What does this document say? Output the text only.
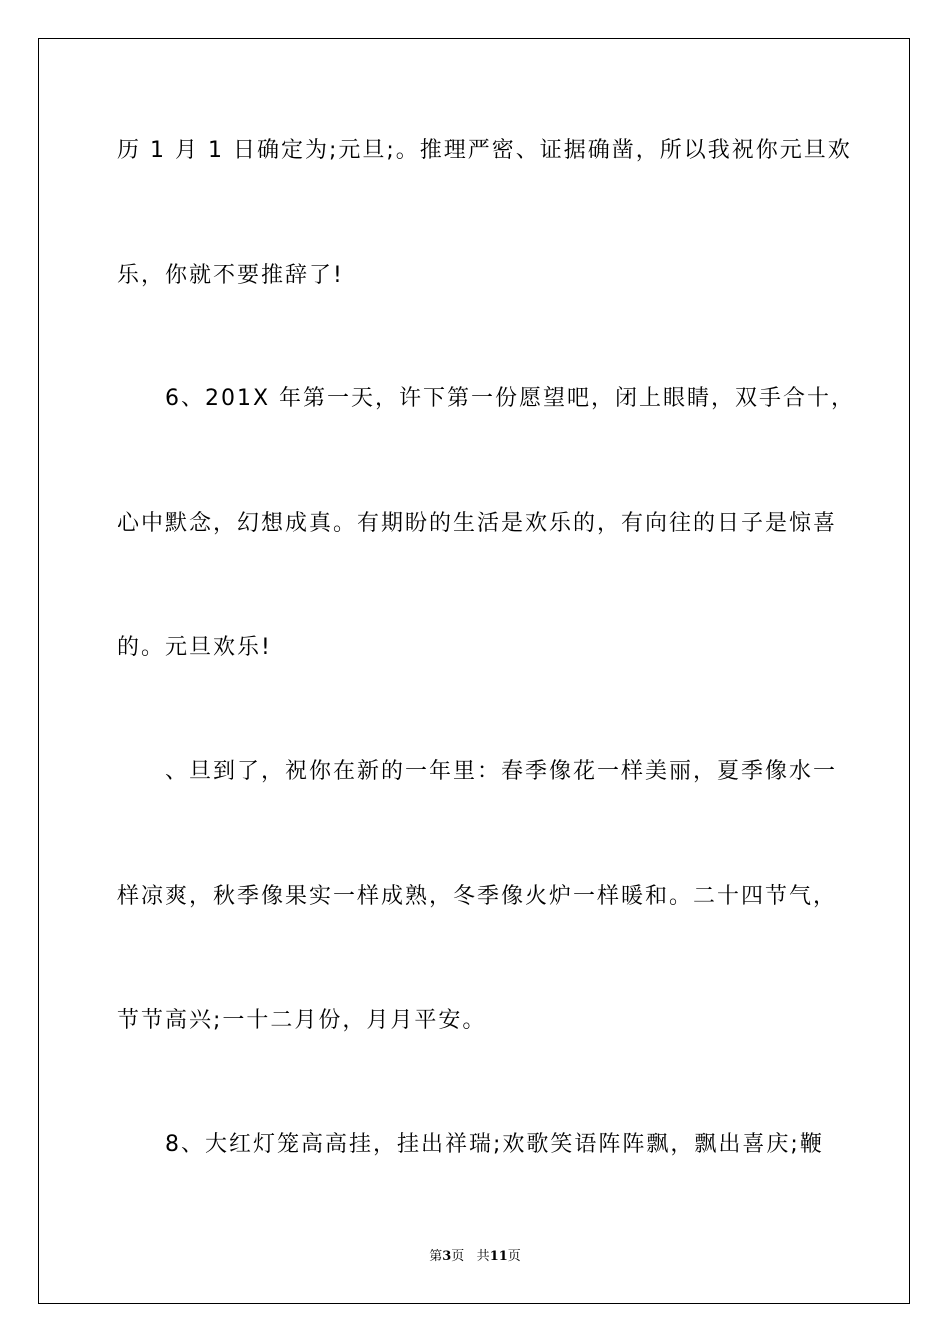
历 1 月 1 日确定为;元旦;。推理严密、证据确凿，所以我祝你元旦欢
乐，你就不要推辞了!
　　6、201X 年第一天，许下第一份愿望吧，闭上眼睛，双手合十，
心中默念，幻想成真。有期盼的生活是欢乐的，有向往的日子是惊喜
的。元旦欢乐!
　　、旦到了，祝你在新的一年里：春季像花一样美丽，夏季像水一
样凉爽，秋季像果实一样成熟，冬季像火炉一样暖和。二十四节气，
节节高兴;一十二月份，月月平安。
　　8、大红灯笼高高挂，挂出祥瑞;欢歌笑语阵阵飘，飘出喜庆;鞭
第3页 共11页
